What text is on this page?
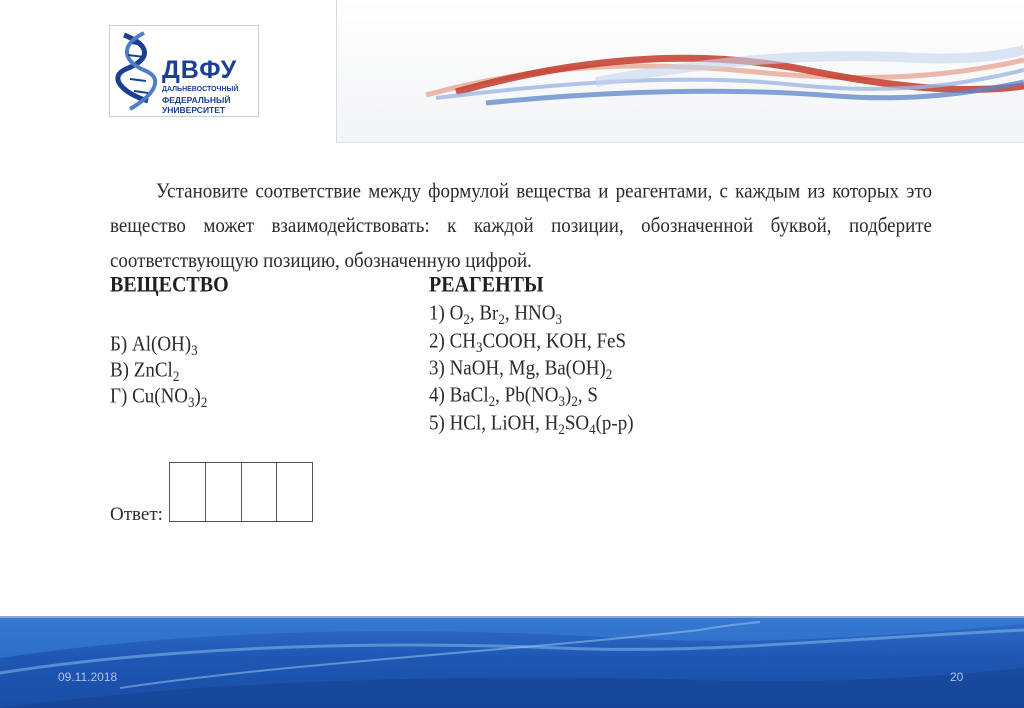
ДВФУ
ДАЛЬНЕВОСТОЧНЫЙ
ФЕДЕРАЛЬНЫЙ
УНИВЕРСИТЕТ
Установите соответствие между формулой вещества и реагентами, с каждым из которых это вещество может взаимодействовать: к каждой позиции, обозначенной буквой, подберите соответствующую позицию, обозначенную цифрой.
ВЕЩЕСТВО	РЕАГЕНТЫ
Б) $Al(OH)_3$
В) ZnCl$_2$
Г) $Cu(NO_3)_2$
1) $O_2$, $Br_2$, $HNO_3$
2) $CH_3COOH$, KOH, FeS
3) NaOH, Mg, $Ba(OH)_2$
4) BaCl$_2$, $Pb(NO_3)_2$, S
5) HCl, LiOH, $H_2SO_4(р-р)$
Ответ:
09.11.2018	20
